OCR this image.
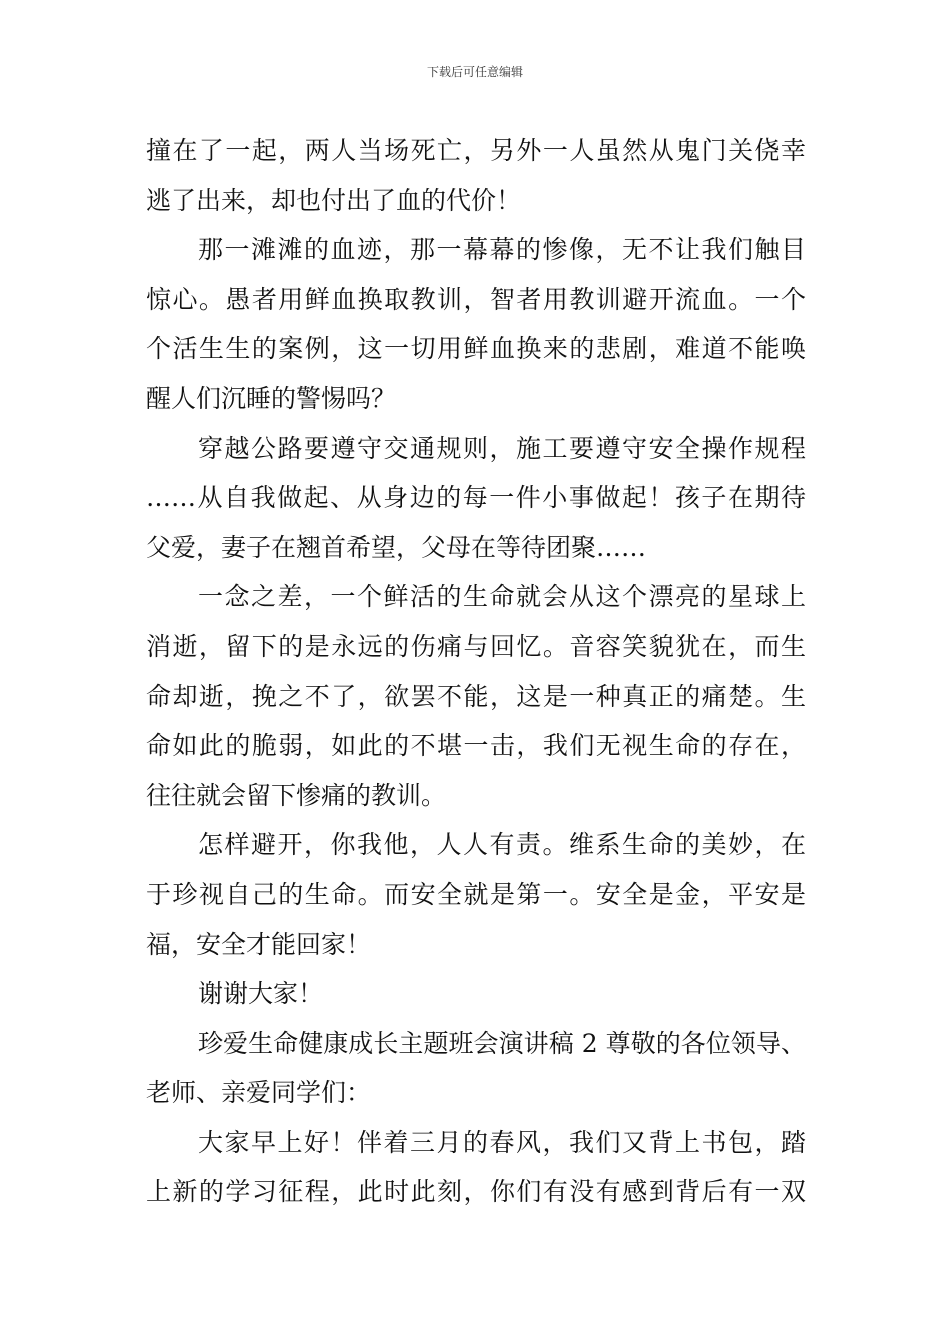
下载后可任意编辑
撞在了一起，两人当场死亡，另外一人虽然从鬼门关侥幸
逃了出来，却也付出了血的代价！
那一滩滩的血迹，那一幕幕的惨像，无不让我们触目
惊心。愚者用鲜血换取教训，智者用教训避开流血。一个
个活生生的案例，这一切用鲜血换来的悲剧，难道不能唤
醒人们沉睡的警惕吗？
穿越公路要遵守交通规则，施工要遵守安全操作规程
……从自我做起、从身边的每一件小事做起！孩子在期待
父爱，妻子在翘首希望，父母在等待团聚……
一念之差，一个鲜活的生命就会从这个漂亮的星球上
消逝，留下的是永远的伤痛与回忆。音容笑貌犹在，而生
命却逝，挽之不了，欲罢不能，这是一种真正的痛楚。生
命如此的脆弱，如此的不堪一击，我们无视生命的存在，
往往就会留下惨痛的教训。
怎样避开，你我他，人人有责。维系生命的美妙，在
于珍视自己的生命。而安全就是第一。安全是金，平安是
福，安全才能回家！
谢谢大家！
珍爱生命健康成长主题班会演讲稿 2 尊敬的各位领导、
老师、亲爱同学们：
大家早上好！伴着三月的春风，我们又背上书包，踏
上新的学习征程，此时此刻，你们有没有感到背后有一双
